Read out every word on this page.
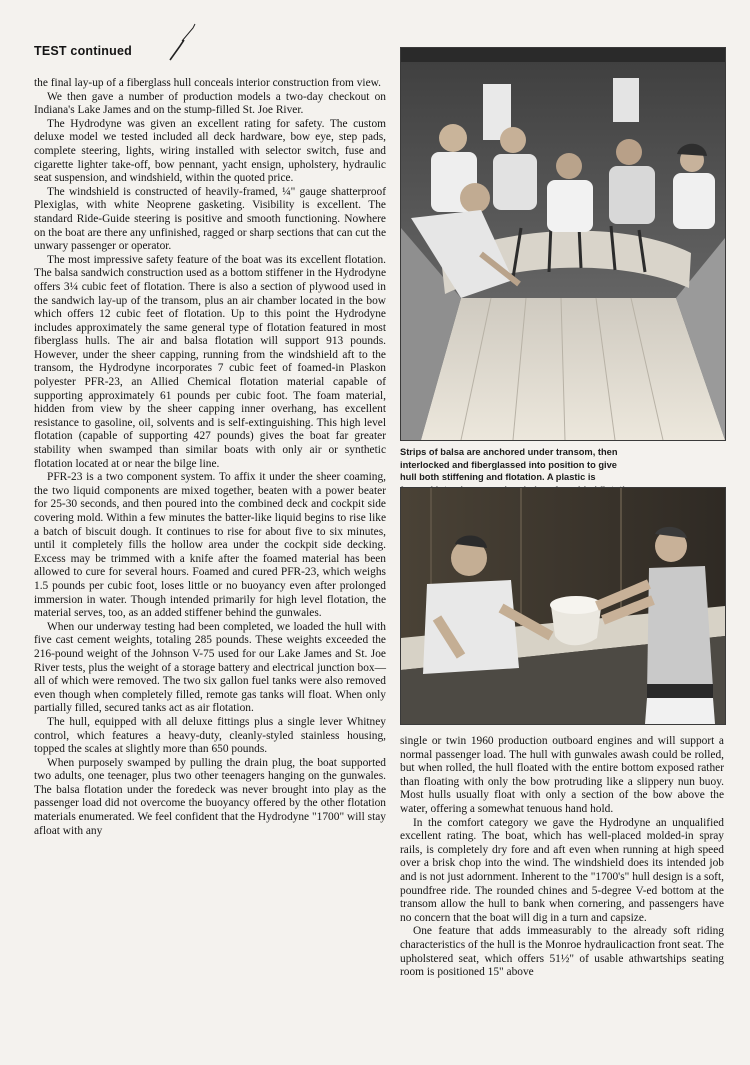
TEST continued

the final lay-up of a fiberglass hull conceals interior construction from view.

We then gave a number of production models a two-day checkout on Indiana's Lake James and on the stump-filled St. Joe River.

The Hydrodyne was given an excellent rating for safety. The custom deluxe model we tested included all deck hardware, bow eye, step pads, complete steering, lights, wiring installed with selector switch, fuse and cigarette lighter take-off, bow pennant, yacht ensign, upholstery, hydraulic seat suspension, and windshield, within the quoted price.

The windshield is constructed of heavily-framed, ¼" gauge shatterproof Plexiglas, with white Neoprene gasketing. Visibility is excellent. The standard Ride-Guide steering is positive and smooth functioning. Nowhere on the boat are there any unfinished, ragged or sharp sections that can cut the unwary passenger or operator.

The most impressive safety feature of the boat was its excellent flotation. The balsa sandwich construction used as a bottom stiffener in the Hydrodyne offers 3¼ cubic feet of flotation. There is also a section of plywood used in the sandwich lay-up of the transom, plus an air chamber located in the bow which offers 12 cubic feet of flotation. Up to this point the Hydrodyne includes approximately the same general type of flotation featured in most fiberglass hulls. The air and balsa flotation will support 913 pounds. However, under the sheer capping, running from the windshield aft to the transom, the Hydrodyne incorporates 7 cubic feet of foamed-in Plaskon polyester PFR-23, an Allied Chemical flotation material capable of supporting approximately 61 pounds per cubic foot. The foam material, hidden from view by the sheer capping inner overhang, has excellent resistance to gasoline, oil, solvents and is self-extinguishing. This high level flotation (capable of supporting 427 pounds) gives the boat far greater stability when swamped than similar boats with only air or synthetic flotation located at or near the bilge line.

PFR-23 is a two component system. To affix it under the sheer coaming, the two liquid components are mixed together, beaten with a power beater for 25-30 seconds, and then poured into the combined deck and cockpit side covering mold. Within a few minutes the batter-like liquid begins to rise like a batch of biscuit dough. It continues to rise for about five to six minutes, until it completely fills the hollow area under the cockpit side decking. Excess may be trimmed with a knife after the foamed material has been allowed to cure for several hours. Foamed and cured PFR-23, which weighs 1.5 pounds per cubic foot, loses little or no buoyancy even after prolonged immersion in water. Though intended primarily for high level flotation, the material serves, too, as an added stiffener behind the gunwales.

When our underway testing had been completed, we loaded the hull with five cast cement weights, totaling 285 pounds. These weights exceeded the 216-pound weight of the Johnson V-75 used for our Lake James and St. Joe River tests, plus the weight of a storage battery and electrical junction box—all of which were removed. The two six gallon fuel tanks were also removed even though when completely filled, remote gas tanks will float. When only partially filled, secured tanks act as air flotation.

The hull, equipped with all deluxe fittings plus a single lever Whitney control, which features a heavy-duty, cleanly-styled stainless housing, topped the scales at slightly more than 650 pounds.

When purposely swamped by pulling the drain plug, the boat supported two adults, one teenager, plus two other teenagers hanging on the gunwales. The balsa flotation under the foredeck was never brought into play as the passenger load did not overcome the buoyancy offered by the other flotation materials enumerated. We feel confident that the Hydrodyne "1700" will stay afloat with any

Strips of balsa are anchored under transom, then
interlocked and fiberglassed into position to give
hull both stiffening and flotation. A plastic is

single or twin 1960 production outboard engines and will support a normal passenger load. The hull with gunwales awash could be rolled, but when rolled, the hull floated with the entire bottom exposed rather than floating with only the bow protruding like a slippery nun buoy. Most hulls usually float with only a section of the bow above the water, offering a somewhat tenuous hand hold.

In the comfort category we gave the Hydrodyne an unqualified excellent rating. The boat, which has well-placed molded-in spray rails, is completely dry fore and aft even when running at high speed over a brisk chop into the wind. The windshield does its intended job and is not just adornment. Inherent to the "1700's" hull design is a soft, poundfree ride. The rounded chines and 5-degree V-ed bottom at the transom allow the hull to bank when cornering, and passengers have no concern that the boat will dig in a turn and capsize.

One feature that adds immeasurably to the already soft riding characteristics of the hull is the Monroe hydraulicaction front seat. The upholstered seat, which offers 51½" of usable athwartships seating room is positioned 15" above
